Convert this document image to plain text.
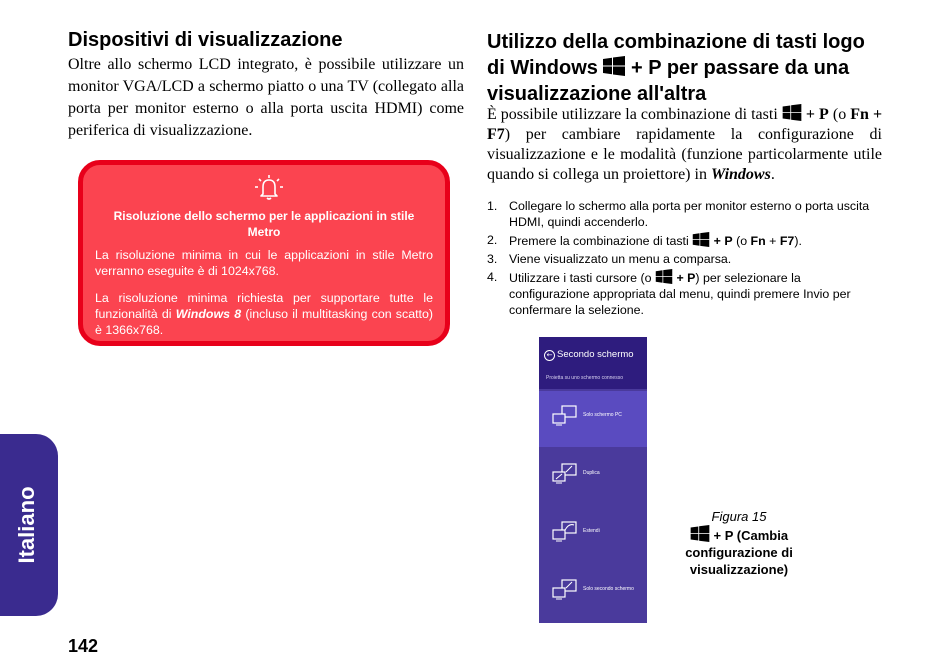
Dispositivi di visualizzazione

Oltre allo schermo LCD integrato, è possibile utilizzare un monitor VGA/LCD a schermo piatto o una TV (collegato alla porta per monitor esterno o alla porta uscita HDMI) come periferica di visualizzazione.

Risoluzione dello schermo per le applicazioni in stile Metro

La risoluzione minima in cui le applicazioni in stile Metro verranno eseguite è di 1024x768.

La risoluzione minima richiesta per supportare tutte le funzionalità di Windows 8 (incluso il multitasking con scatto) è 1366x768.

Utilizzo della combinazione di tasti logo di Windows + P per passare da una visualizzazione all'altra

È possibile utilizzare la combinazione di tasti + P (o Fn + F7) per cambiare rapidamente la configurazione di visualizzazione e le modalità (funzione particolarmente utile quando si collega un proiettore) in Windows.

1. Collegare lo schermo alla porta per monitor esterno o porta uscita HDMI, quindi accenderlo.
2. Premere la combinazione di tasti + P (o Fn + F7).
3. Viene visualizzato un menu a comparsa.
4. Utilizzare i tasti cursore (o + P) per selezionare la configurazione appropriata dal menu, quindi premere Invio per confermare la selezione.
← Secondo schermo
Proietta su uno schermo connesso
Solo schermo PC
Duplica
Estendi
Solo secondo schermo
Figura 15
+ P (Cambia configurazione di visualizzazione)
Italiano
142
